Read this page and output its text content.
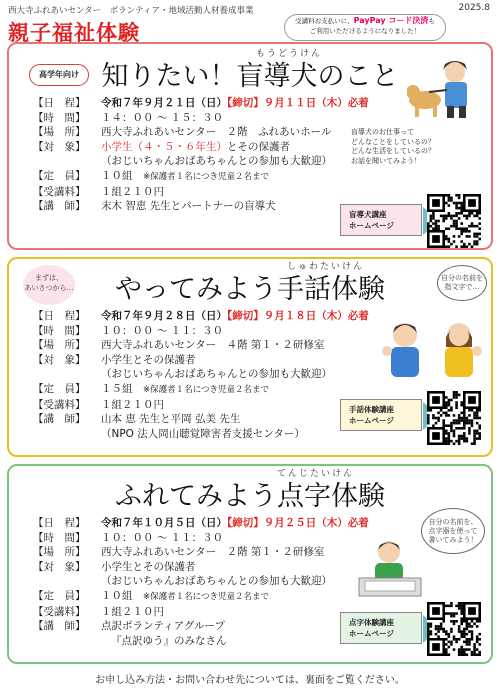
西大寺ふれあいセンター　ボランティア・地域活動人材養成事業	2025.8
親子福祉体験	受講料お支払いに、PayPay コード決済も
ご利用いただけるようになりました！
高学年向け
もうどうけん
知りたい！盲導犬のこと
【日　程】	令和７年９月２１日（日）【締切】９月１１日（木）必着
【時　間】	１４：００ ～ １５：３０
【場　所】	西大寺ふれあいセンター　２階　ふれあいホール
【対　象】	小学生（４・５・６年生）とその保護者
	（おじいちゃんおばあちゃんとの参加も大歓迎）
【定　員】	１０組　 ※保護者１名につき児童２名まで
【受講料】	１組２１０円
【講　師】	末木 智恵 先生とパートナーの盲導犬
盲導犬のお仕事って
どんなことをしているの？
どんな生活をしているの？
お話を聞いてみよう！
盲導犬講座
ホームページ
まずは、
あいさつから…
しゅわたいけん
やってみよう手話体験	自分の名前を
指文字で…
【日　程】	令和７年９月２８日（日）【締切】９月１８日（木）必着
【時　間】	１０：００ ～ １１：３０
【場　所】	西大寺ふれあいセンター　４階 第１・２研修室
【対　象】	小学生とその保護者
	（おじいちゃんおばあちゃんとの参加も大歓迎）
【定　員】	１５組　 ※保護者１名につき児童２名まで
【受講料】	１組２１０円
【講　師】	山本 恵 先生と平岡 弘美 先生
	（NPO 法人岡山聴覚障害者支援センター）
手話体験講座
ホームページ
てんじたいけん
ふれてみよう点字体験
自分の名前を、
点字器を使って
書いてみよう！
【日　程】	令和７年１０月５日（日）【締切】９月２５日（木）必着
【時　間】	１０：００ ～ １１：３０
【場　所】	西大寺ふれあいセンター　２階 第１・２研修室
【対　象】	小学生とその保護者
	（おじいちゃんおばあちゃんとの参加も大歓迎）
【定　員】	１０組　 ※保護者１名につき児童２名まで
【受講料】	１組２１０円
【講　師】	点訳ボランティアグループ
	『点訳ゆう』のみなさん
点字体験講座
ホームページ
お申し込み方法・お問い合わせ先については、裏面をご覧ください。
